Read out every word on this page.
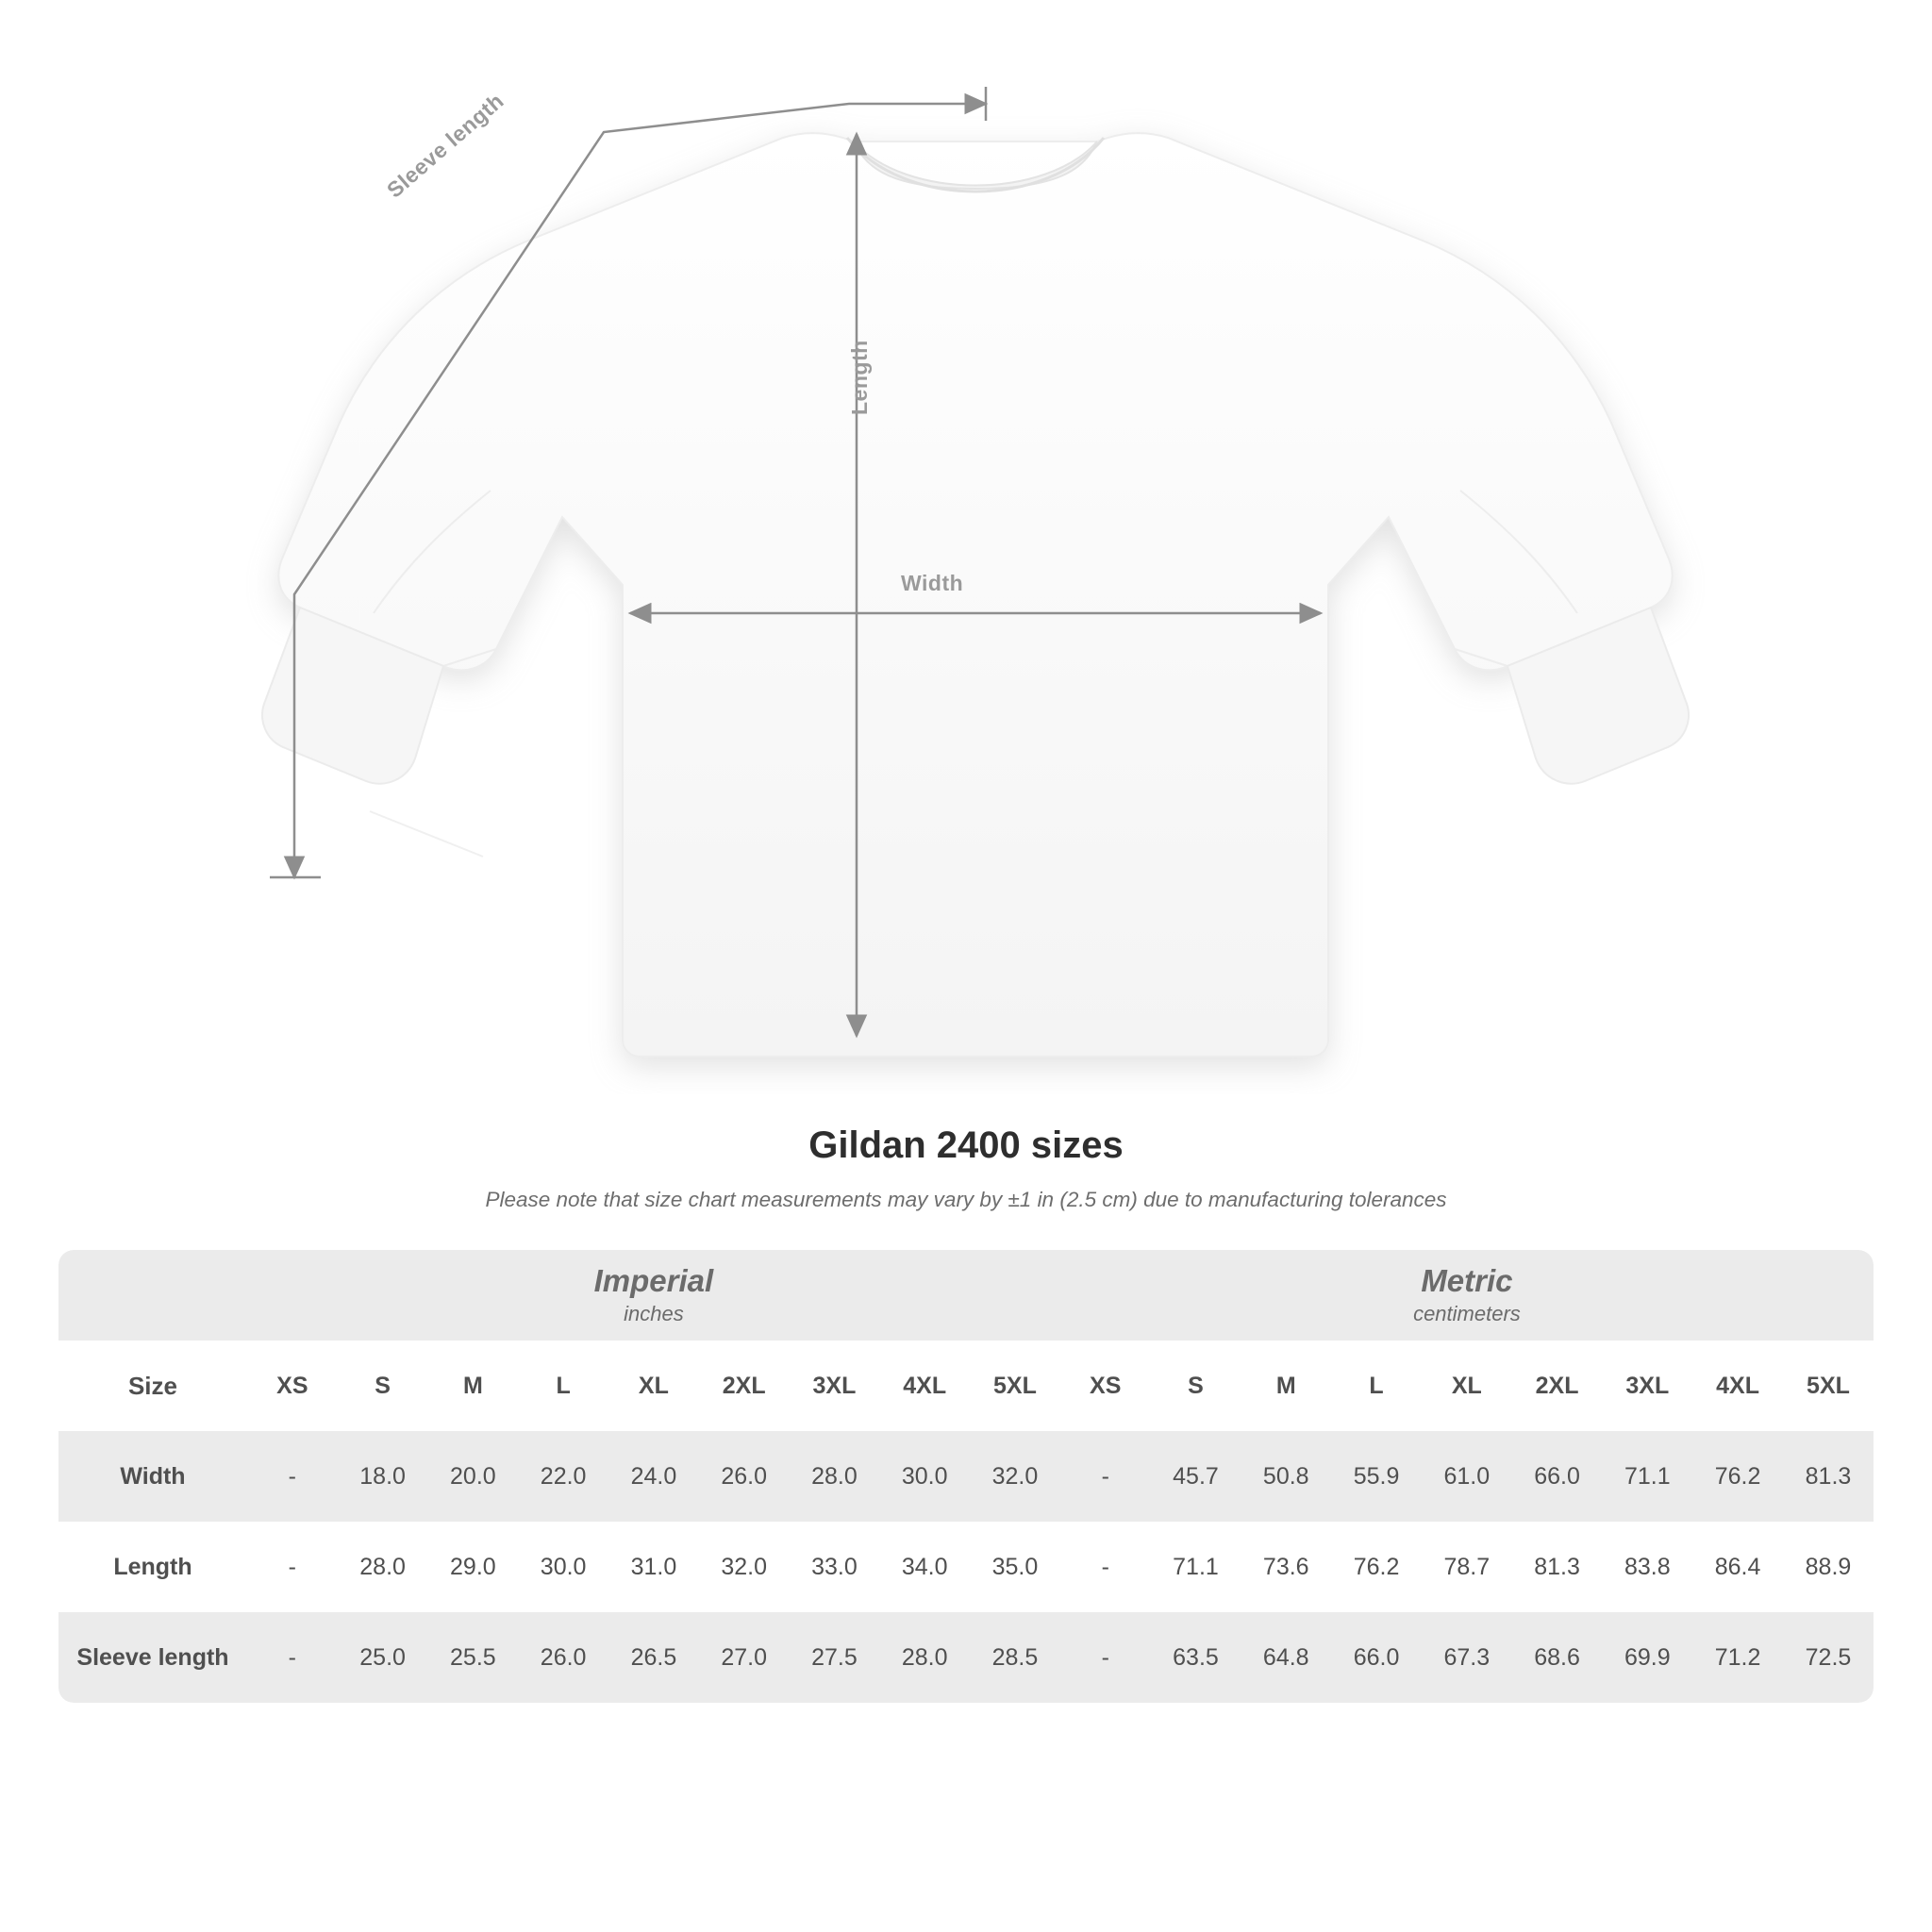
Length
Width
Sleeve length
Gildan 2400 sizes

Please note that size chart measurements may vary by ±1 in (2.5 cm) due to manufacturing tolerances

	Imperial
inches									Metric
centimeters								

Size	XS	S	M	L	XL	2XL	3XL	4XL	5XL	XS	S	M	L	XL	2XL	3XL	4XL	5XL
Width	-	18.0	20.0	22.0	24.0	26.0	28.0	30.0	32.0	-	45.7	50.8	55.9	61.0	66.0	71.1	76.2	81.3
Length	-	28.0	29.0	30.0	31.0	32.0	33.0	34.0	35.0	-	71.1	73.6	76.2	78.7	81.3	83.8	86.4	88.9
Sleeve length	-	25.0	25.5	26.0	26.5	27.0	27.5	28.0	28.5	-	63.5	64.8	66.0	67.3	68.6	69.9	71.2	72.5
